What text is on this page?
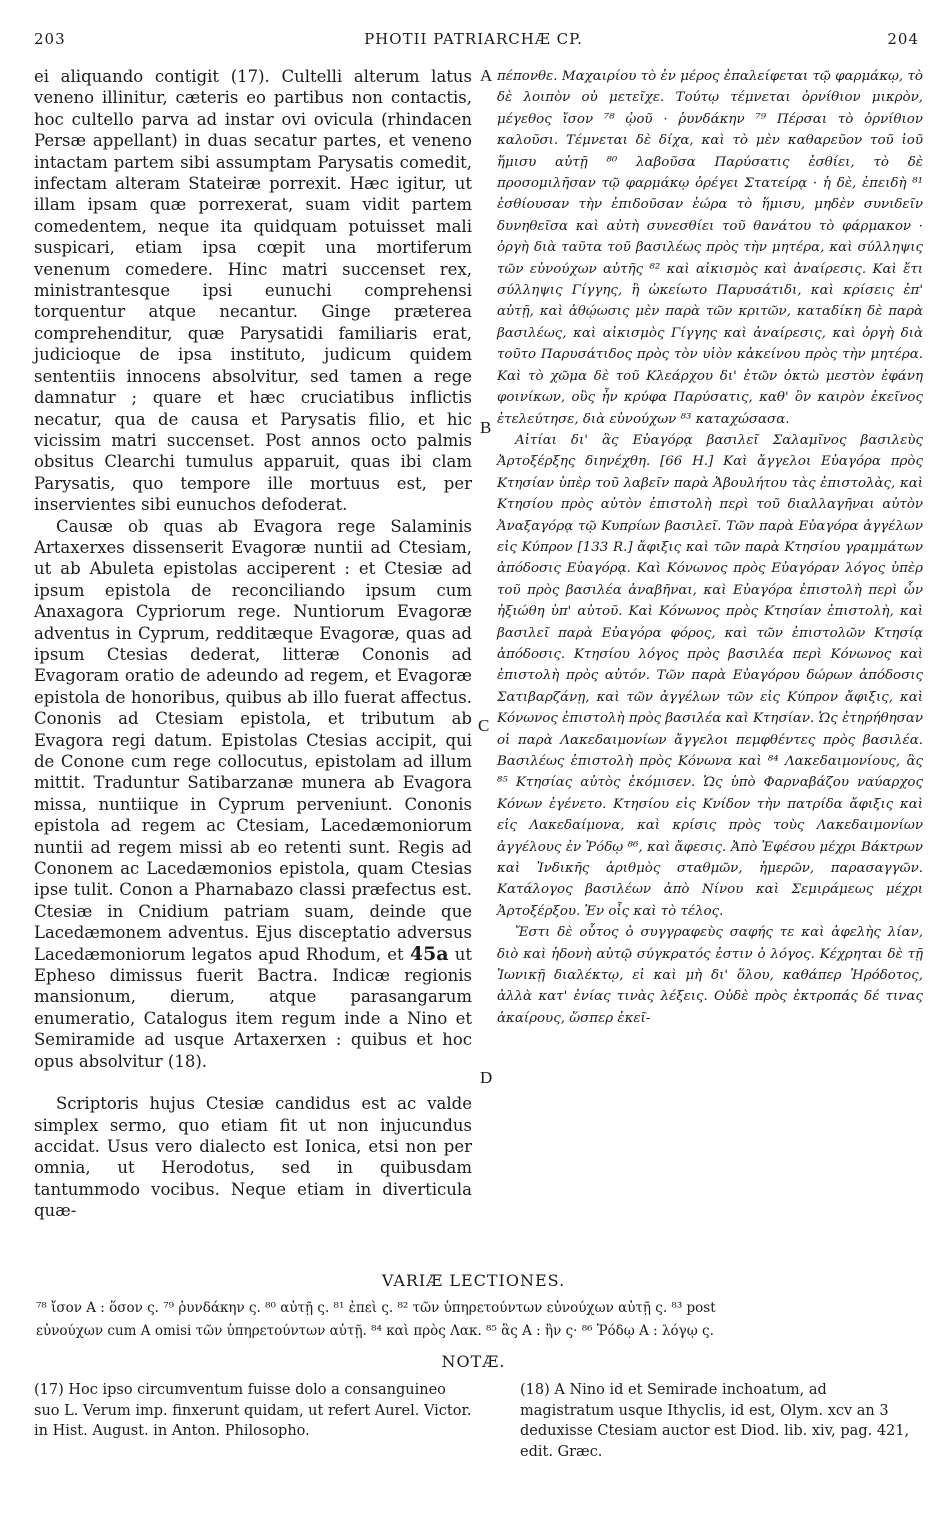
203	PHOTII PATRIARCHÆ CP.	204

ei aliquando contigit (17). Cultelli alterum latus veneno illinitur, cæteris eo partibus non contactis, hoc cultello parva ad instar ovi ovicula (rhindacen Persæ appellant) in duas secatur partes, et veneno intactam partem sibi assumptam Parysatis comedit, infectam alteram Stateiræ porrexit. Hæc igitur, ut illam ipsam quæ porrexerat, suam vidit partem comedentem, neque ita quidquam potuisset mali suspicari, etiam ipsa cœpit una mortiferum venenum comedere. Hinc matri succenset rex, ministrantesque ipsi eunuchi comprehensi torquentur atque necantur. Ginge præterea comprehenditur, quæ Parysatidi familiaris erat, judicioque de ipsa instituto, judicum quidem sententiis innocens absolvitur, sed tamen a rege damnatur ; quare et hæc cruciatibus inflictis necatur, qua de causa et Parysatis filio, et hic vicissim matri succenset. Post annos octo palmis obsitus Clearchi tumulus apparuit, quas ibi clam Parysatis, quo tempore ille mortuus est, per inservientes sibi eunuchos defoderat.

Causæ ob quas ab Evagora rege Salaminis Artaxerxes dissenserit Evagoræ nuntii ad Ctesiam, ut ab Abuleta epistolas acciperent : et Ctesiæ ad ipsum epistola de reconciliando ipsum cum Anaxagora Cypriorum rege. Nuntiorum Evagoræ adventus in Cyprum, redditæque Evagoræ, quas ad ipsum Ctesias dederat, litteræ Cononis ad Evagoram oratio de adeundo ad regem, et Evagoræ epistola de honoribus, quibus ab illo fuerat affectus. Cononis ad Ctesiam epistola, et tributum ab Evagora regi datum. Epistolas Ctesias accipit, qui de Conone cum rege collocutus, epistolam ad illum mittit. Traduntur Satibarzanæ munera ab Evagora missa, nuntiique in Cyprum perveniunt. Cononis epistola ad regem ac Ctesiam, Lacedæmoniorum nuntii ad regem missi ab eo retenti sunt. Regis ad Cononem ac Lacedæmonios epistola, quam Ctesias ipse tulit. Conon a Pharnabazo classi præfectus est. Ctesiæ in Cnidium patriam suam, deinde que Lacedæmonem adventus. Ejus disceptatio adversus Lacedæmoniorum legatos apud Rhodum, et 45a ut Epheso dimissus fuerit Bactra. Indicæ regionis mansionum, dierum, atque parasangarum enumeratio, Catalogus item regum inde a Nino et Semiramide ad usque Artaxerxen : quibus et hoc opus absolvitur (18).

Scriptoris hujus Ctesiæ candidus est ac valde simplex sermo, quo etiam fit ut non injucundus accidat. Usus vero dialecto est Ionica, etsi non per omnia, ut Herodotus, sed in quibusdam tantummodo vocibus. Neque etiam in diverticula quæ-

A
B
C
D

πέπονθε. Μαχαιρίου τὸ ἐν μέρος ἐπαλείφεται τῷ φαρμάκῳ, τὸ δὲ λοιπὸν οὐ μετεῖχε. Τούτῳ τέμνεται ὀρνίθιον μικρὸν, μέγεθος ἴσον ⁷⁸ ᾠοῦ · ῥυνδάκην ⁷⁹ Πέρσαι τὸ ὀρνίθιον καλοῦσι. Τέμνεται δὲ δίχα, καὶ τὸ μὲν καθαρεῦον τοῦ ἰοῦ ἥμισυ αὐτῇ ⁸⁰ λαβοῦσα Παρύσατις ἐσθίει, τὸ δὲ προσομιλῆσαν τῷ φαρμάκῳ ὀρέγει Στατείρᾳ · ἡ δὲ, ἐπειδὴ ⁸¹ ἐσθίουσαν τὴν ἐπιδοῦσαν ἑώρα τὸ ἥμισυ, μηδὲν συνιδεῖν δυνηθεῖσα καὶ αὐτὴ συνεσθίει τοῦ θανάτου τὸ φάρμακον · ὀργὴ διὰ ταῦτα τοῦ βασιλέως πρὸς τὴν μητέρα, καὶ σύλληψις τῶν εὐνούχων αὐτῆς ⁸² καὶ αἰκισμὸς καὶ ἀναίρεσις. Καὶ ἔτι σύλληψις Γίγγης, ἣ ὡκείωτο Παρυσάτιδι, καὶ κρίσεις ἐπ' αὐτῇ, καὶ ἀθῴωσις μὲν παρὰ τῶν κριτῶν, καταδίκη δὲ παρὰ βασιλέως, καὶ αἰκισμὸς Γίγγης καὶ ἀναίρεσις, καὶ ὀργὴ διὰ τοῦτο Παρυσάτιδος πρὸς τὸν υἱὸν κἀκείνου πρὸς τὴν μητέρα. Καὶ τὸ χῶμα δὲ τοῦ Κλεάρχου δι' ἐτῶν ὀκτὼ μεστὸν ἐφάνη φοινίκων, οὓς ἦν κρύφα Παρύσατις, καθ' ὃν καιρὸν ἐκεῖνος ἐτελεύτησε, διὰ εὐνούχων ⁸³ καταχώσασα.

Αἰτίαι δι' ἃς Εὐαγόρᾳ βασιλεῖ Σαλαμῖνος βασιλεὺς Ἀρτοξέρξης διηνέχθη. [66 H.] Καὶ ἄγγελοι Εὐαγόρα πρὸς Κτησίαν ὑπὲρ τοῦ λαβεῖν παρὰ Ἀβουλήτου τὰς ἐπιστολὰς, καὶ Κτησίου πρὸς αὐτὸν ἐπιστολὴ περὶ τοῦ διαλλαγῆναι αὐτὸν Ἀναξαγόρᾳ τῷ Κυπρίων βασιλεῖ. Τῶν παρὰ Εὐαγόρα ἀγγέλων εἰς Κύπρον [133 R.] ἄφιξις καὶ τῶν παρὰ Κτησίου γραμμάτων ἀπόδοσις Εὐαγόρᾳ. Καὶ Κόνωνος πρὸς Εὐαγόραν λόγος ὑπὲρ τοῦ πρὸς βασιλέα ἀναβῆναι, καὶ Εὐαγόρα ἐπιστολὴ περὶ ὧν ἠξιώθη ὑπ' αὐτοῦ. Καὶ Κόνωνος πρὸς Κτησίαν ἐπιστολὴ, καὶ βασιλεῖ παρὰ Εὐαγόρα φόρος, καὶ τῶν ἐπιστολῶν Κτησίᾳ ἀπόδοσις. Κτησίου λόγος πρὸς βασιλέα περὶ Κόνωνος καὶ ἐπιστολὴ πρὸς αὐτόν. Τῶν παρὰ Εὐαγόρου δώρων ἀπόδοσις Σατιβαρζάνῃ, καὶ τῶν ἀγγέλων τῶν εἰς Κύπρον ἄφιξις, καὶ Κόνωνος ἐπιστολὴ πρὸς βασιλέα καὶ Κτησίαν. Ὡς ἐτηρήθησαν οἱ παρὰ Λακεδαιμονίων ἄγγελοι πεμφθέντες πρὸς βασιλέα. Βασιλέως ἐπιστολὴ πρὸς Κόνωνα καὶ ⁸⁴ Λακεδαιμονίους, ἃς ⁸⁵ Κτησίας αὐτὸς ἐκόμισεν. Ὡς ὑπὸ Φαρναβάζου ναύαρχος Κόνων ἐγένετο. Κτησίου εἰς Κνίδον τὴν πατρίδα ἄφιξις καὶ εἰς Λακεδαίμονα, καὶ κρίσις πρὸς τοὺς Λακεδαιμονίων ἀγγέλους ἐν Ῥόδῳ ⁸⁶, καὶ ἄφεσις. Ἀπὸ Ἐφέσου μέχρι Βάκτρων καὶ Ἰνδικῆς ἀριθμὸς σταθμῶν, ἡμερῶν, παρασαγγῶν. Κατάλογος βασιλέων ἀπὸ Νίνου καὶ Σεμιράμεως μέχρι Ἀρτοξέρξου. Ἐν οἷς καὶ τὸ τέλος.

Ἔστι δὲ οὗτος ὁ συγγραφεὺς σαφής τε καὶ ἀφελὴς λίαν, διὸ καὶ ἡδονὴ αὐτῷ σύγκρατός ἐστιν ὁ λόγος. Κέχρηται δὲ τῇ Ἰωνικῇ διαλέκτῳ, εἰ καὶ μὴ δι' ὅλου, καθάπερ Ἡρόδοτος, ἀλλὰ κατ' ἐνίας τινὰς λέξεις. Οὐδὲ πρὸς ἐκτροπάς δέ τινας ἀκαίρους, ὥσπερ ἐκεῖ-

VARIÆ LECTIONES.
⁷⁸ ἴσον A : ὅσον ς. ⁷⁹ ῥυνδάκην ς. ⁸⁰ αὐτῇ ς. ⁸¹ ἐπεὶ ς. ⁸² τῶν ὑπηρετούντων εὐνούχων αὐτῇ ς. ⁸³ post
εὐνούχων cum A omisi τῶν ὑπηρετούντων αὐτῇ. ⁸⁴ καὶ πρὸς Λακ. ⁸⁵ ἃς A : ἣν ς· ⁸⁶ Ῥόδῳ A : λόγῳ ς.
NOTÆ.
(17) Hoc ipso circumventum fuisse dolo a consanguineo suo L. Verum imp. finxerunt quidam, ut refert Aurel. Victor. in Hist. August. in Anton. Philosopho.
(18) A Nino id et Semirade inchoatum, ad magistratum usque Ithyclis, id est, Olym. xcv an 3 deduxisse Ctesiam auctor est Diod. lib. xiv, pag. 421, edit. Græc.
